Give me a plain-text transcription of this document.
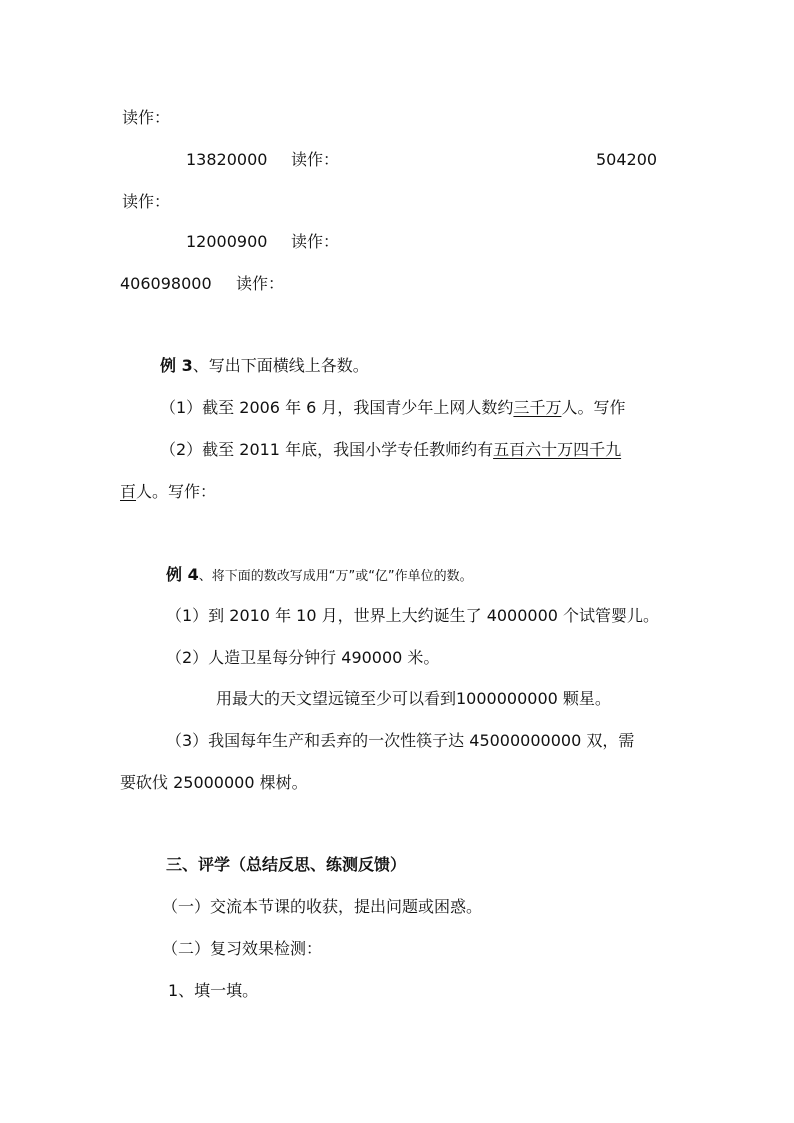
读作：
13820000 读作：	504200
读作：
12000900 读作：
406098000 读作：
例 3、写出下面横线上各数。
（1）截至 2006 年 6 月，我国青少年上网人数约三千万人。写作
（2）截至 2011 年底，我国小学专任教师约有五百六十万四千九
百人。写作：
例 4、将下面的数改写成用“万”或“亿”作单位的数。
（1）到 2010 年 10 月，世界上大约诞生了 4000000 个试管婴儿。
（2）人造卫星每分钟行 490000 米。
用最大的天文望远镜至少可以看到1000000000 颗星。
（3）我国每年生产和丢弃的一次性筷子达 45000000000 双，需
要砍伐 25000000 棵树。
三、评学（总结反思、练测反馈）
（一）交流本节课的收获，提出问题或困惑。
（二）复习效果检测：
1、填一填。
